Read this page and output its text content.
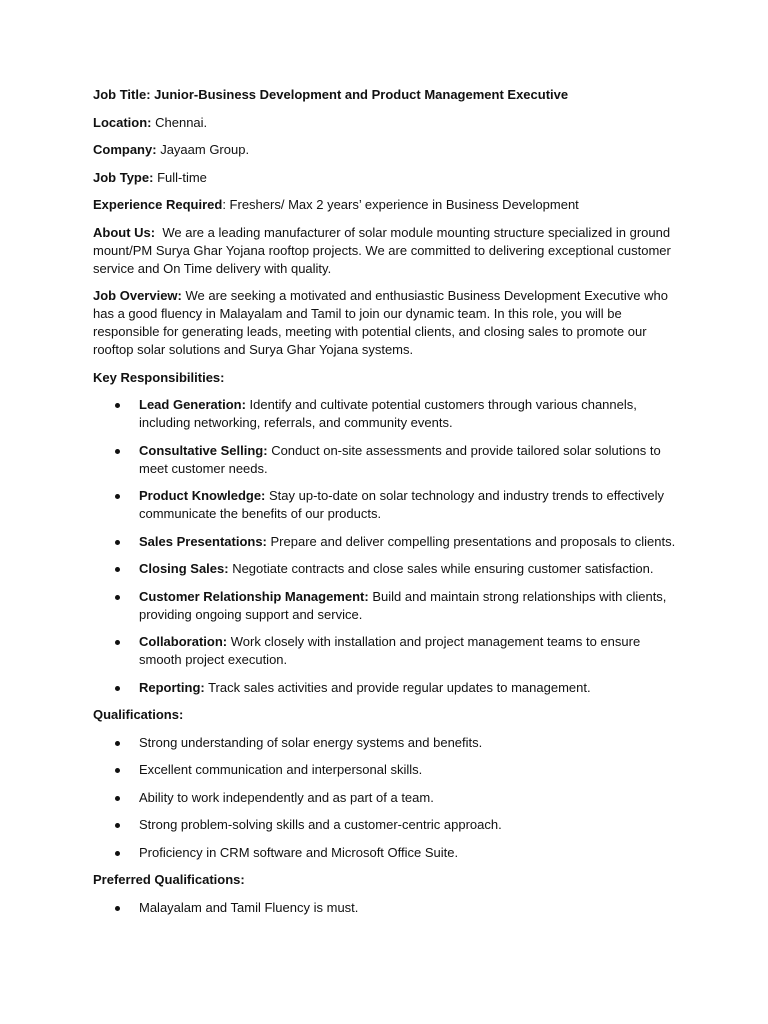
Job Title: Junior-Business Development and Product Management Executive

Location: Chennai.

Company: Jayaam Group.

Job Type: Full-time

Experience Required: Freshers/ Max 2 years’ experience in Business Development

About Us:  We are a leading manufacturer of solar module mounting structure specialized in ground mount/PM Surya Ghar Yojana rooftop projects. We are committed to delivering exceptional customer service and On Time delivery with quality.

Job Overview: We are seeking a motivated and enthusiastic Business Development Executive who has a good fluency in Malayalam and Tamil to join our dynamic team. In this role, you will be responsible for generating leads, meeting with potential clients, and closing sales to promote our rooftop solar solutions and Surya Ghar Yojana systems.

Key Responsibilities:

Lead Generation: Identify and cultivate potential customers through various channels, including networking, referrals, and community events.
Consultative Selling: Conduct on-site assessments and provide tailored solar solutions to meet customer needs.
Product Knowledge: Stay up-to-date on solar technology and industry trends to effectively communicate the benefits of our products.
Sales Presentations: Prepare and deliver compelling presentations and proposals to clients.
Closing Sales: Negotiate contracts and close sales while ensuring customer satisfaction.
Customer Relationship Management: Build and maintain strong relationships with clients, providing ongoing support and service.
Collaboration: Work closely with installation and project management teams to ensure smooth project execution.
Reporting: Track sales activities and provide regular updates to management.

Qualifications:

Strong understanding of solar energy systems and benefits.
Excellent communication and interpersonal skills.
Ability to work independently and as part of a team.
Strong problem-solving skills and a customer-centric approach.
Proficiency in CRM software and Microsoft Office Suite.

Preferred Qualifications:

Malayalam and Tamil Fluency is must.
